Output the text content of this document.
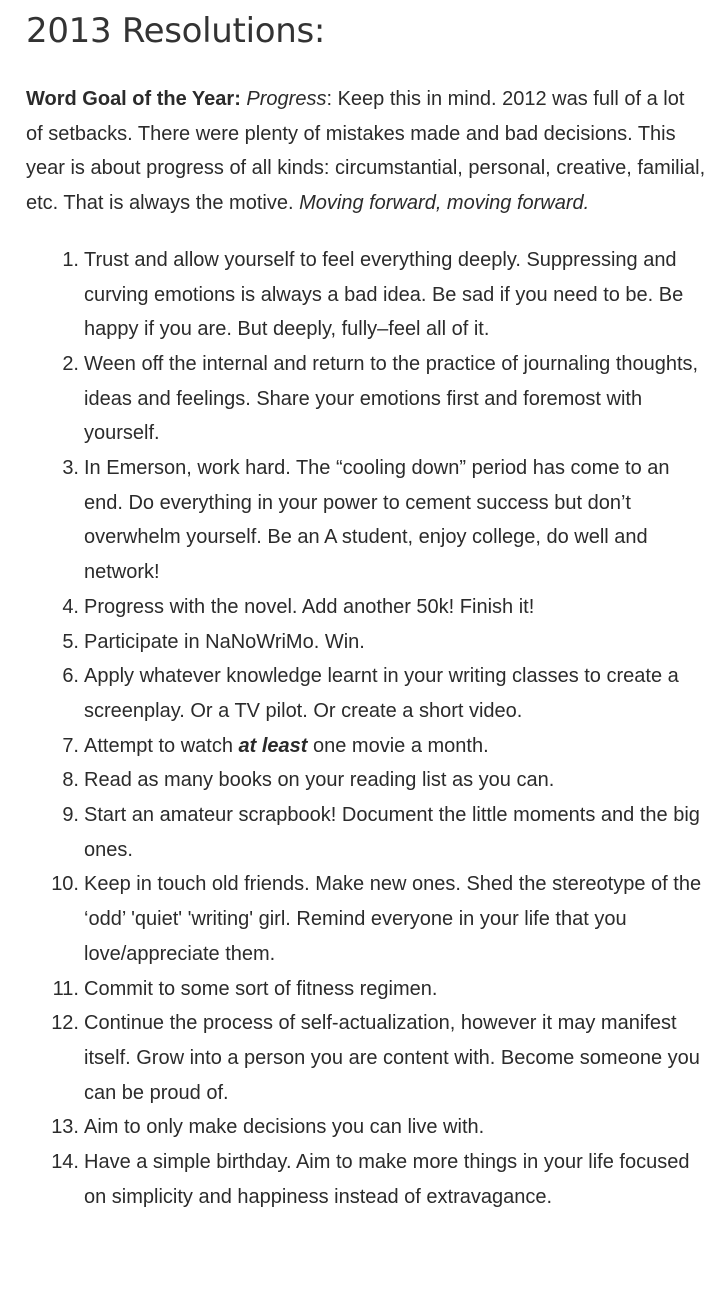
2013 Resolutions:

Word Goal of the Year: Progress: Keep this in mind. 2012 was full of a lot of setbacks. There were plenty of mistakes made and bad decisions. This year is about progress of all kinds: circumstantial, personal, creative, familial, etc. That is always the motive. Moving forward, moving forward.

1. Trust and allow yourself to feel everything deeply. Suppressing and curving emotions is always a bad idea. Be sad if you need to be. Be happy if you are. But deeply, fully–feel all of it.
2. Ween off the internal and return to the practice of journaling thoughts, ideas and feelings. Share your emotions first and foremost with yourself.
3. In Emerson, work hard. The “cooling down” period has come to an end. Do everything in your power to cement success but don’t overwhelm yourself. Be an A student, enjoy college, do well and network!
4. Progress with the novel. Add another 50k! Finish it!
5. Participate in NaNoWriMo. Win.
6. Apply whatever knowledge learnt in your writing classes to create a screenplay. Or a TV pilot. Or create a short video.
7. Attempt to watch at least one movie a month.
8. Read as many books on your reading list as you can.
9. Start an amateur scrapbook! Document the little moments and the big ones.
10. Keep in touch old friends. Make new ones. Shed the stereotype of the ‘odd’ 'quiet' 'writing' girl. Remind everyone in your life that you love/appreciate them.
11. Commit to some sort of fitness regimen.
12. Continue the process of self-actualization, however it may manifest itself. Grow into a person you are content with. Become someone you can be proud of.
13. Aim to only make decisions you can live with.
14. Have a simple birthday. Aim to make more things in your life focused on simplicity and happiness instead of extravagance.
